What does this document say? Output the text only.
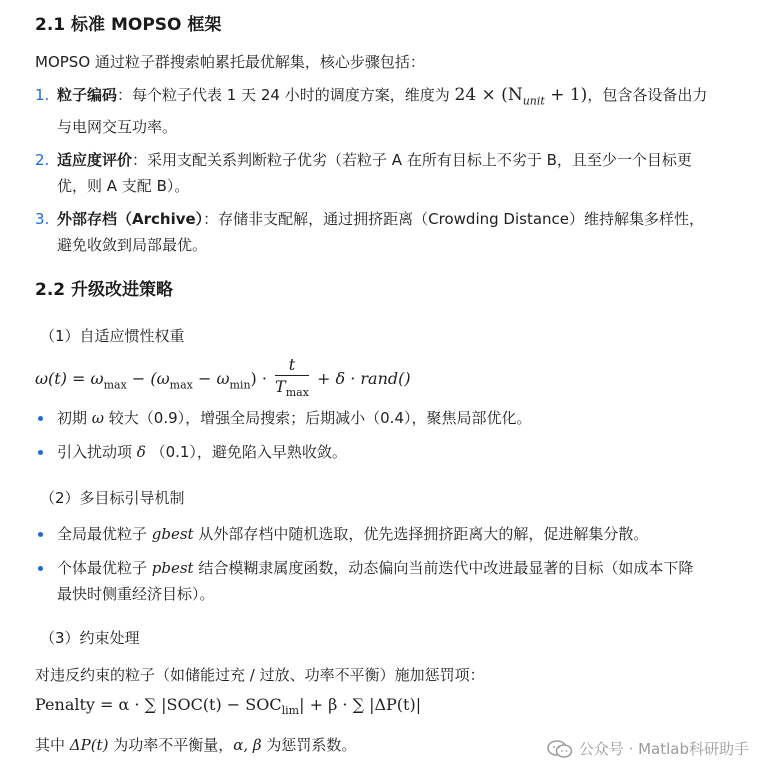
2.1 标准 MOPSO 框架
MOPSO 通过粒子群搜索帕累托最优解集，核心步骤包括：
1. 粒子编码：每个粒子代表 1 天 24 小时的调度方案，维度为 $24 \times (N_{unit} + 1)$，包含各设备出力
与电网交互功率。
2. 适应度评价：采用支配关系判断粒子优劣（若粒子 A 在所有目标上不劣于 B，且至少一个目标更
优，则 A 支配 B）。
3. 外部存档（Archive）：存储非支配解，通过拥挤距离（Crowding Distance）维持解集多样性，
避免收敛到局部最优。
2.2 升级改进策略
（1）自适应惯性权重
$\omega(t) = \omega_{max} - (\omega_{max} - \omega_{min}) \cdot \frac{t}{T_{max}} + \delta$ · rand()
初期 ω 较大（0.9），增强全局搜索；后期减小（0.4），聚焦局部优化。
引入扰动项 δ （0.1），避免陷入早熟收敛。
（2）多目标引导机制
全局最优粒子 gbest 从外部存档中随机选取，优先选择拥挤距离大的解，促进解集分散。
个体最优粒子 pbest 结合模糊隶属度函数，动态偏向当前迭代中改进最显著的目标（如成本下降
最快时侧重经济目标）。
（3）约束处理
对违反约束的粒子（如储能过充 / 过放、功率不平衡）施加惩罚项：
Penalty = α · ∑ $|SOC(t) - SOC_{lim}| + \beta$ · ∑ |ΔP(t)|
其中 ΔP(t) 为功率不平衡量，α, β 为惩罚系数。	公众号 · Matlab科研助手
